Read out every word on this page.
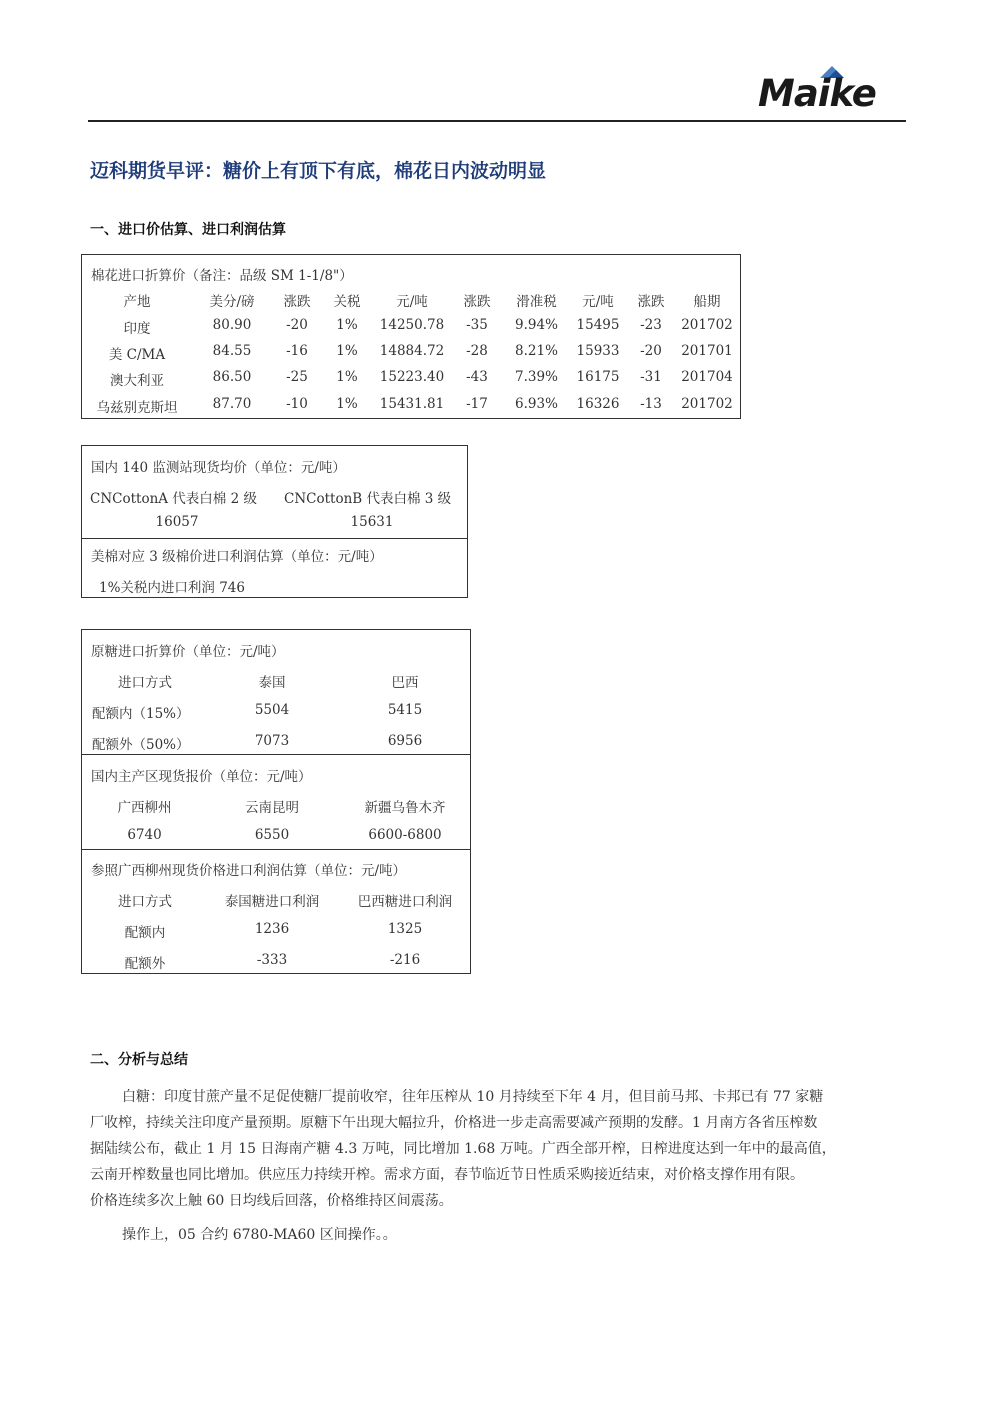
Maike
迈科期货早评：糖价上有顶下有底，棉花日内波动明显
一、进口价估算、进口利润估算
棉花进口折算价（备注：品级 SM 1-1/8"）
产地	美分/磅	涨跌	关税	元/吨	涨跌	滑准税	元/吨	涨跌	船期
印度	80.90	-20	1%	14250.78	-35	9.94%	15495	-23	201702
美 C/MA	84.55	-16	1%	14884.72	-28	8.21%	15933	-20	201701
澳大利亚	86.50	-25	1%	15223.40	-43	7.39%	16175	-31	201704
乌兹别克斯坦	87.70	-10	1%	15431.81	-17	6.93%	16326	-13	201702
国内 140 监测站现货均价（单位：元/吨）
CNCottonA 代表白棉 2 级 CNCottonB 代表白棉 3 级
16057	15631
美棉对应 3 级棉价进口利润估算（单位：元/吨）
1%关税内进口利润 746
原糖进口折算价（单位：元/吨）
进口方式	泰国	巴西
配额内（15%）	5504	5415
配额外（50%）	7073	6956
国内主产区现货报价（单位：元/吨）
广西柳州	云南昆明	新疆乌鲁木齐
6740	6550	6600-6800
参照广西柳州现货价格进口利润估算（单位：元/吨）
进口方式	泰国糖进口利润	巴西糖进口利润
配额内	1236	1325
配额外	-333	-216
二、分析与总结
白糖：印度甘蔗产量不足促使糖厂提前收窄，往年压榨从 10 月持续至下年 4 月，但目前马邦、卡邦已有 77 家糖
厂收榨，持续关注印度产量预期。原糖下午出现大幅拉升，价格进一步走高需要减产预期的发酵。1 月南方各省压榨数
据陆续公布，截止 1 月 15 日海南产糖 4.3 万吨，同比增加 1.68 万吨。广西全部开榨，日榨进度达到一年中的最高值，
云南开榨数量也同比增加。供应压力持续开榨。需求方面，春节临近节日性质采购接近结束，对价格支撑作用有限。
价格连续多次上触 60 日均线后回落，价格维持区间震荡。
操作上，05 合约 6780-MA60 区间操作。。
